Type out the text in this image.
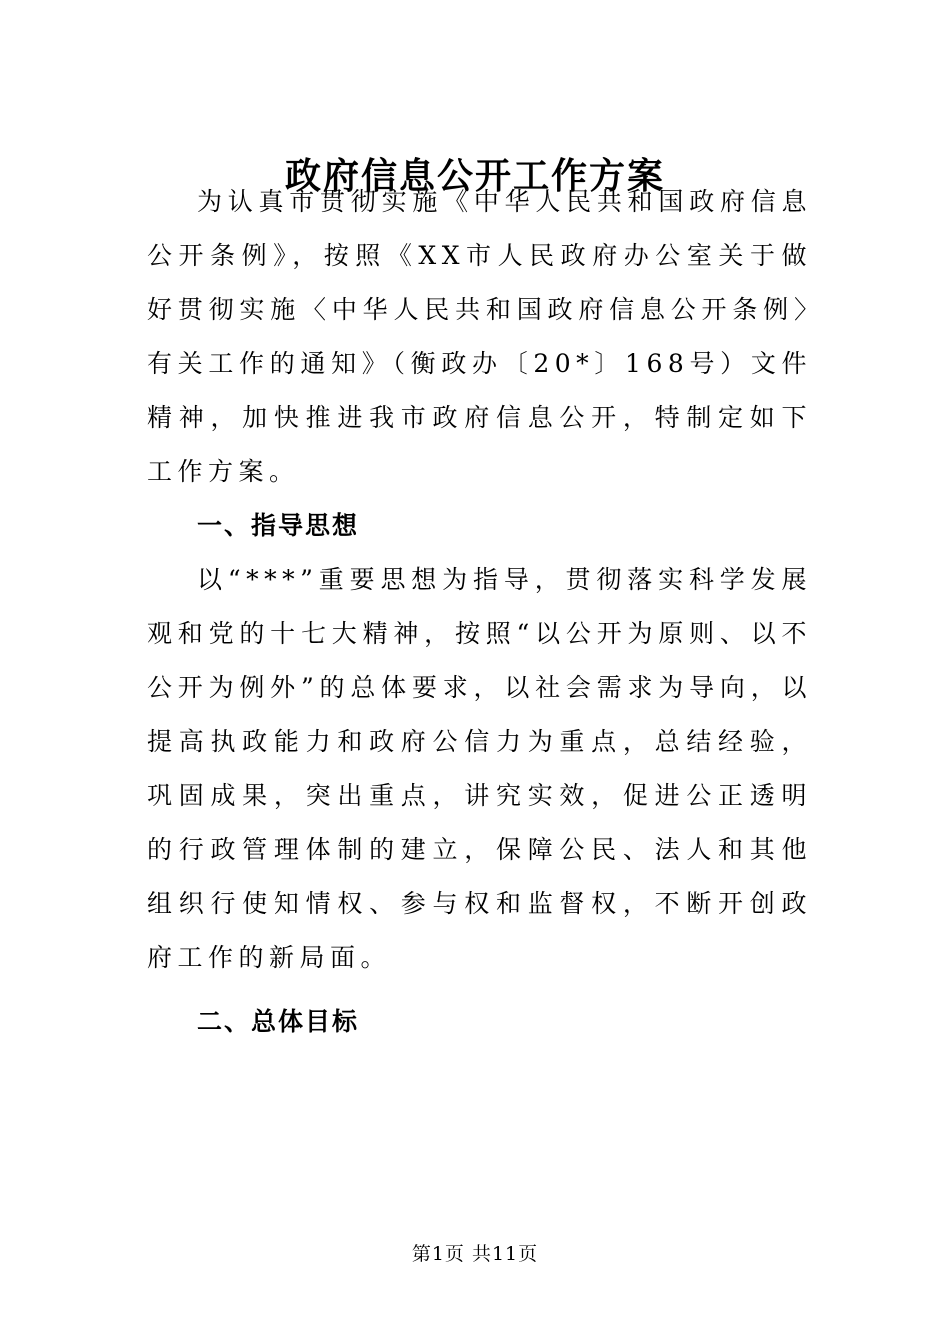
政府信息公开工作方案

为认真市贯彻实施《中华人民共和国政府信息公开条例》，按照《XX市人民政府办公室关于做好贯彻实施〈中华人民共和国政府信息公开条例〉有关工作的通知》（衡政办〔20*〕168号）文件精神，加快推进我市政府信息公开，特制定如下工作方案。

一、指导思想

以“***”重要思想为指导，贯彻落实科学发展观和党的十七大精神，按照“以公开为原则、以不公开为例外”的总体要求，以社会需求为导向，以提高执政能力和政府公信力为重点，总结经验，巩固成果，突出重点，讲究实效，促进公正透明的行政管理体制的建立，保障公民、法人和其他组织行使知情权、参与权和监督权，不断开创政府工作的新局面。

二、总体目标

第1页 共11页
